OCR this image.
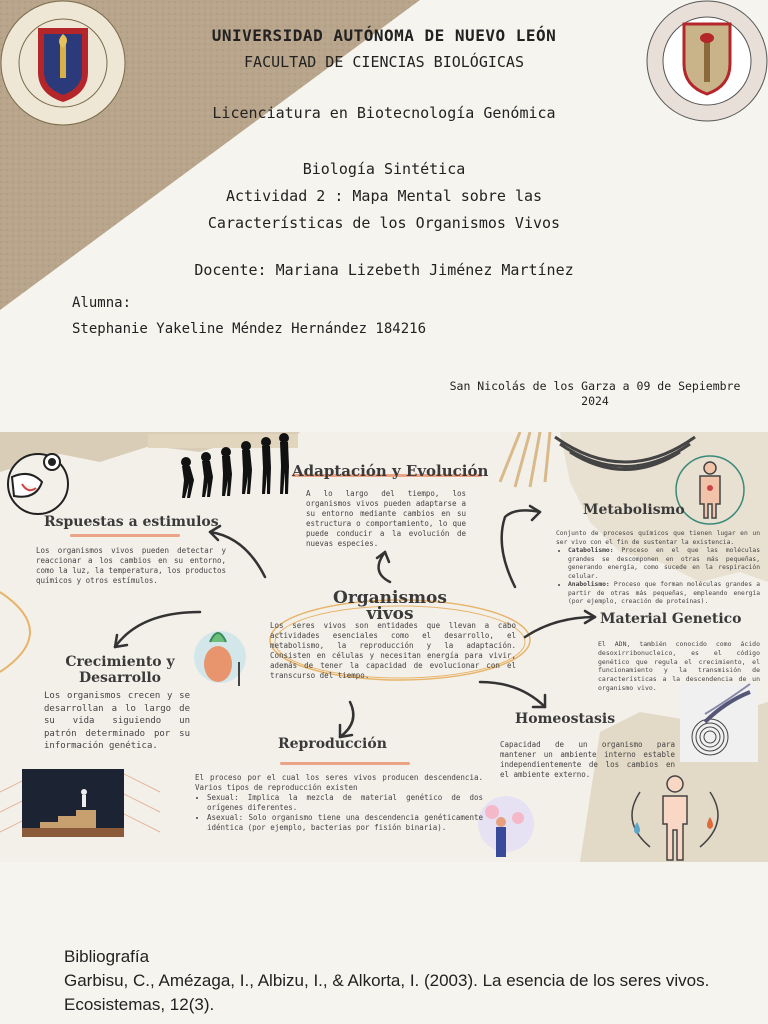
UNIVERSIDAD AUTÓNOMA DE NUEVO LEÓN
FACULTAD DE CIENCIAS BIOLÓGICAS
Licenciatura en Biotecnología Genómica
Biología Sintética
Actividad 2 : Mapa Mental sobre las
Características de los Organismos Vivos
Docente: Mariana Lizebeth Jiménez Martínez
Alumna:
Stephanie Yakeline Méndez Hernández 184216
San Nicolás de los Garza a 09 de Sepiembre
2024
Adaptación y Evolución
A lo largo del tiempo, los organismos vivos pueden adaptarse a su entorno mediante cambios en su estructura o comportamiento, lo que puede conducir a la evolución de nuevas especies.
Rspuestas a estimulos
Los organismos vivos pueden detectar y reaccionar a los cambios en su entorno, como la luz, la temperatura, los productos químicos y otros estímulos.
Metabolismo
Conjunto de procesos químicos que tienen lugar en un ser vivo con el fin de sustentar la existencia.
• Catabolismo: Proceso en el que las moléculas grandes se descomponen en otras más pequeñas, generando energía, como sucede en la respiración celular.
• Anabolismo: Proceso que forman moléculas grandes a partir de otras más pequeñas, empleando energía (por ejemplo, creación de proteínas).
Organismos vivos
Los seres vivos son entidades que llevan a cabo actividades esenciales como el desarrollo, el metabolismo, la reproducción y la adaptación. Consisten en células y necesitan energía para vivir, además de tener la capacidad de evolucionar con el transcurso del tiempo.
Material Genetico
El ADN, también conocido como ácido desoxirribonucleico, es el código genético que regula el crecimiento, el funcionamiento y la transmisión de características a la descendencia de un organismo vivo.
Crecimiento y Desarrollo
Los organismos crecen y se desarrollan a lo largo de su vida siguiendo un patrón determinado por su información genética.
Homeostasis
Capacidad de un organismo para mantener un ambiente interno estable independientemente de los cambios en el ambiente externo.
Reproducción
El proceso por el cual los seres vivos producen descendencia. Varios tipos de reproducción existen
• Sexual: Implica la mezcla de material genético de dos orígenes diferentes.
• Asexual: Solo organismo tiene una descendencia genéticamente idéntica (por ejemplo, bacterias por fisión binaria).
Bibliografía
Garbisu, C., Amézaga, I., Albizu, I., & Alkorta, I. (2003). La esencia de los seres vivos. Ecosistemas, 12(3).
